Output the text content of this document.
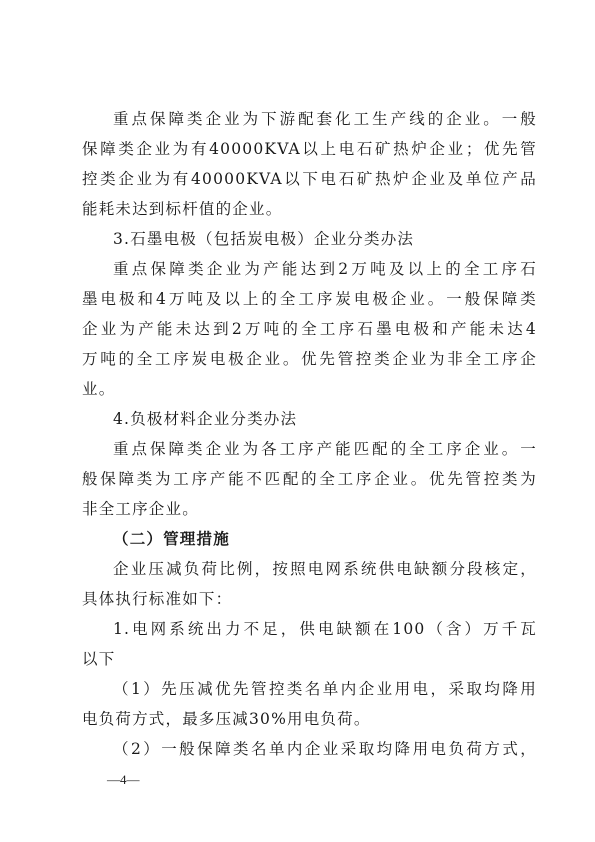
重点保障类企业为下游配套化工生产线的企业。一般
保障类企业为有40000KVA以上电石矿热炉企业；优先管
控类企业为有40000KVA以下电石矿热炉企业及单位产品
能耗未达到标杆值的企业。
3.石墨电极（包括炭电极）企业分类办法
重点保障类企业为产能达到2万吨及以上的全工序石
墨电极和4万吨及以上的全工序炭电极企业。一般保障类
企业为产能未达到2万吨的全工序石墨电极和产能未达4
万吨的全工序炭电极企业。优先管控类企业为非全工序企
业。
4.负极材料企业分类办法
重点保障类企业为各工序产能匹配的全工序企业。一
般保障类为工序产能不匹配的全工序企业。优先管控类为
非全工序企业。
（二）管理措施
企业压减负荷比例，按照电网系统供电缺额分段核定，
具体执行标准如下：
1.电网系统出力不足，供电缺额在100（含）万千瓦
以下
（1）先压减优先管控类名单内企业用电，采取均降用
电负荷方式，最多压减30%用电负荷。
（2）一般保障类名单内企业采取均降用电负荷方式，
—4—
